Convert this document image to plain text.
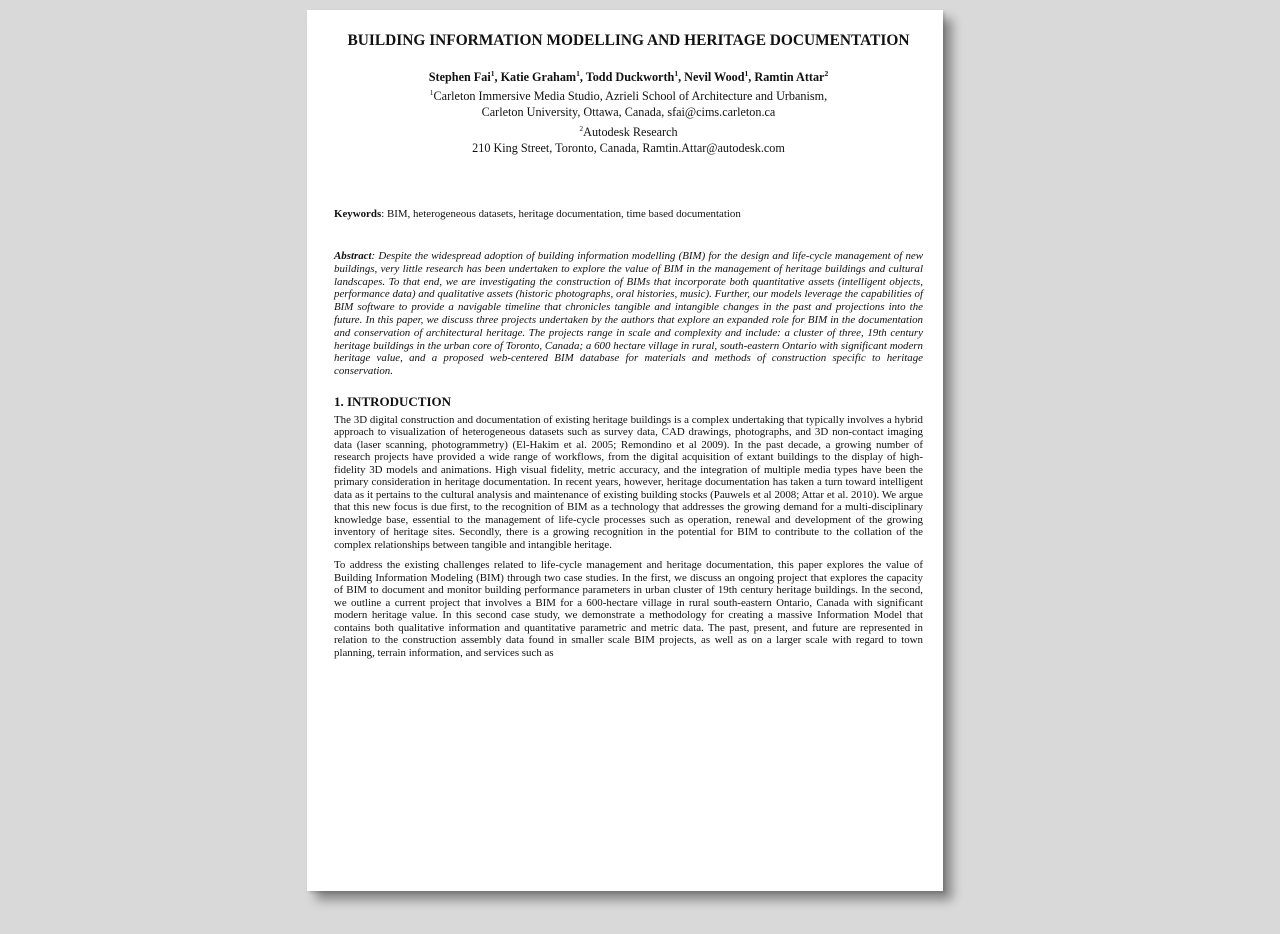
BUILDING INFORMATION MODELLING AND HERITAGE DOCUMENTATION
Stephen Fai$^1$, Katie Graham$^1$, Todd Duckworth$^1$, Nevil Wood$^1$, Ramtin Attar$^2$
$^1$Carleton Immersive Media Studio, Azrieli School of Architecture and Urbanism,
Carleton University, Ottawa, Canada, sfai@cims.carleton.ca
$^2$Autodesk Research
210 King Street, Toronto, Canada, Ramtin.Attar@autodesk.com
Keywords: BIM, heterogeneous datasets, heritage documentation, time based documentation
Abstract: Despite the widespread adoption of building information modelling (BIM) for the design and life-cycle management of new buildings, very little research has been undertaken to explore the value of BIM in the management of heritage buildings and cultural landscapes. To that end, we are investigating the construction of BIMs that incorporate both quantitative assets (intelligent objects, performance data) and qualitative assets (historic photographs, oral histories, music). Further, our models leverage the capabilities of BIM software to provide a navigable timeline that chronicles tangible and intangible changes in the past and projections into the future. In this paper, we discuss three projects undertaken by the authors that explore an expanded role for BIM in the documentation and conservation of architectural heritage. The projects range in scale and complexity and include: a cluster of three, 19th century heritage buildings in the urban core of Toronto, Canada; a 600 hectare village in rural, south-eastern Ontario with significant modern heritage value, and a proposed web-centered BIM database for materials and methods of construction specific to heritage conservation.
1. INTRODUCTION
The 3D digital construction and documentation of existing heritage buildings is a complex undertaking that typically involves a hybrid approach to visualization of heterogeneous datasets such as survey data, CAD drawings, photographs, and 3D non-contact imaging data (laser scanning, photogrammetry) (El-Hakim et al. 2005; Remondino et al 2009). In the past decade, a growing number of research projects have provided a wide range of workflows, from the digital acquisition of extant buildings to the display of high-fidelity 3D models and animations. High visual fidelity, metric accuracy, and the integration of multiple media types have been the primary consideration in heritage documentation. In recent years, however, heritage documentation has taken a turn toward intelligent data as it pertains to the cultural analysis and maintenance of existing building stocks (Pauwels et al 2008; Attar et al. 2010). We argue that this new focus is due first, to the recognition of BIM as a technology that addresses the growing demand for a multi-disciplinary knowledge base, essential to the management of life-cycle processes such as operation, renewal and development of the growing inventory of heritage sites. Secondly, there is a growing recognition in the potential for BIM to contribute to the collation of the complex relationships between tangible and intangible heritage.
To address the existing challenges related to life-cycle management and heritage documentation, this paper explores the value of Building Information Modeling (BIM) through two case studies. In the first, we discuss an ongoing project that explores the capacity of BIM to document and monitor building performance parameters in urban cluster of 19th century heritage buildings. In the second, we outline a current project that involves a BIM for a 600-hectare village in rural south-eastern Ontario, Canada with significant modern heritage value. In this second case study, we demonstrate a methodology for creating a massive Information Model that contains both qualitative information and quantitative parametric and metric data. The past, present, and future are represented in relation to the construction assembly data found in smaller scale BIM projects, as well as on a larger scale with regard to town planning, terrain information, and services such as
